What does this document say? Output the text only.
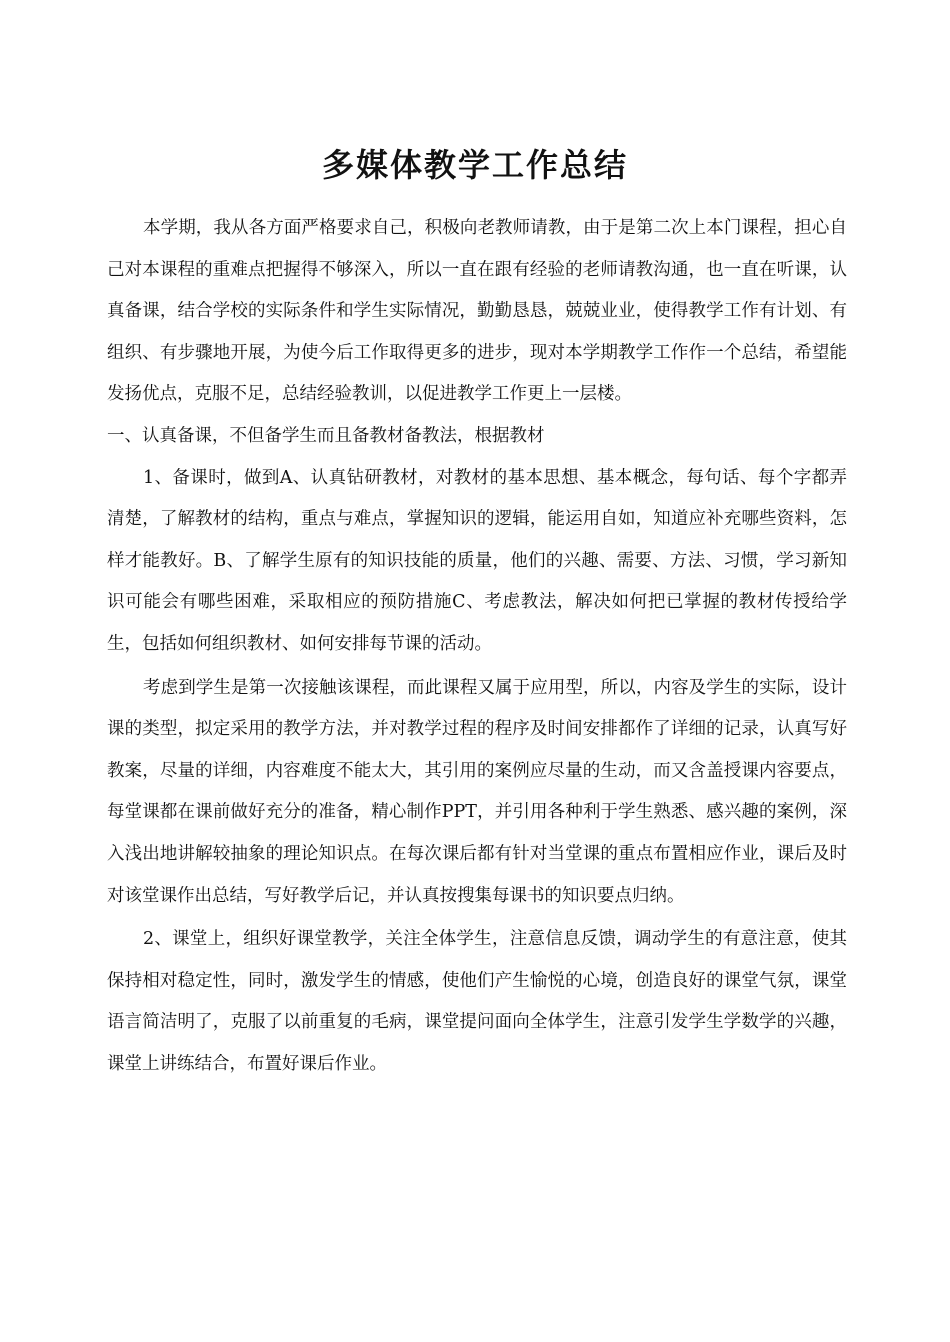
多媒体教学工作总结

本学期，我从各方面严格要求自己，积极向老教师请教，由于是第二次上本门课程，担心自己对本课程的重难点把握得不够深入，所以一直在跟有经验的老师请教沟通，也一直在听课，认真备课，结合学校的实际条件和学生实际情况，勤勤恳恳，兢兢业业，使得教学工作有计划、有组织、有步骤地开展，为使今后工作取得更多的进步，现对本学期教学工作作一个总结，希望能发扬优点，克服不足，总结经验教训，以促进教学工作更上一层楼。

一、认真备课，不但备学生而且备教材备教法，根据教材

1、备课时，做到A、认真钻研教材，对教材的基本思想、基本概念，每句话、每个字都弄清楚，了解教材的结构，重点与难点，掌握知识的逻辑，能运用自如，知道应补充哪些资料，怎样才能教好。B、了解学生原有的知识技能的质量，他们的兴趣、需要、方法、习惯，学习新知识可能会有哪些困难，采取相应的预防措施C、考虑教法，解决如何把已掌握的教材传授给学生，包括如何组织教材、如何安排每节课的活动。

考虑到学生是第一次接触该课程，而此课程又属于应用型，所以，内容及学生的实际，设计课的类型，拟定采用的教学方法，并对教学过程的程序及时间安排都作了详细的记录，认真写好教案，尽量的详细，内容难度不能太大，其引用的案例应尽量的生动，而又含盖授课内容要点，每堂课都在课前做好充分的准备，精心制作PPT，并引用各种利于学生熟悉、感兴趣的案例，深入浅出地讲解较抽象的理论知识点。在每次课后都有针对当堂课的重点布置相应作业，课后及时对该堂课作出总结，写好教学后记，并认真按搜集每课书的知识要点归纳。

2、课堂上，组织好课堂教学，关注全体学生，注意信息反馈，调动学生的有意注意，使其保持相对稳定性，同时，激发学生的情感，使他们产生愉悦的心境，创造良好的课堂气氛，课堂语言简洁明了，克服了以前重复的毛病，课堂提问面向全体学生，注意引发学生学数学的兴趣，课堂上讲练结合，布置好课后作业。
